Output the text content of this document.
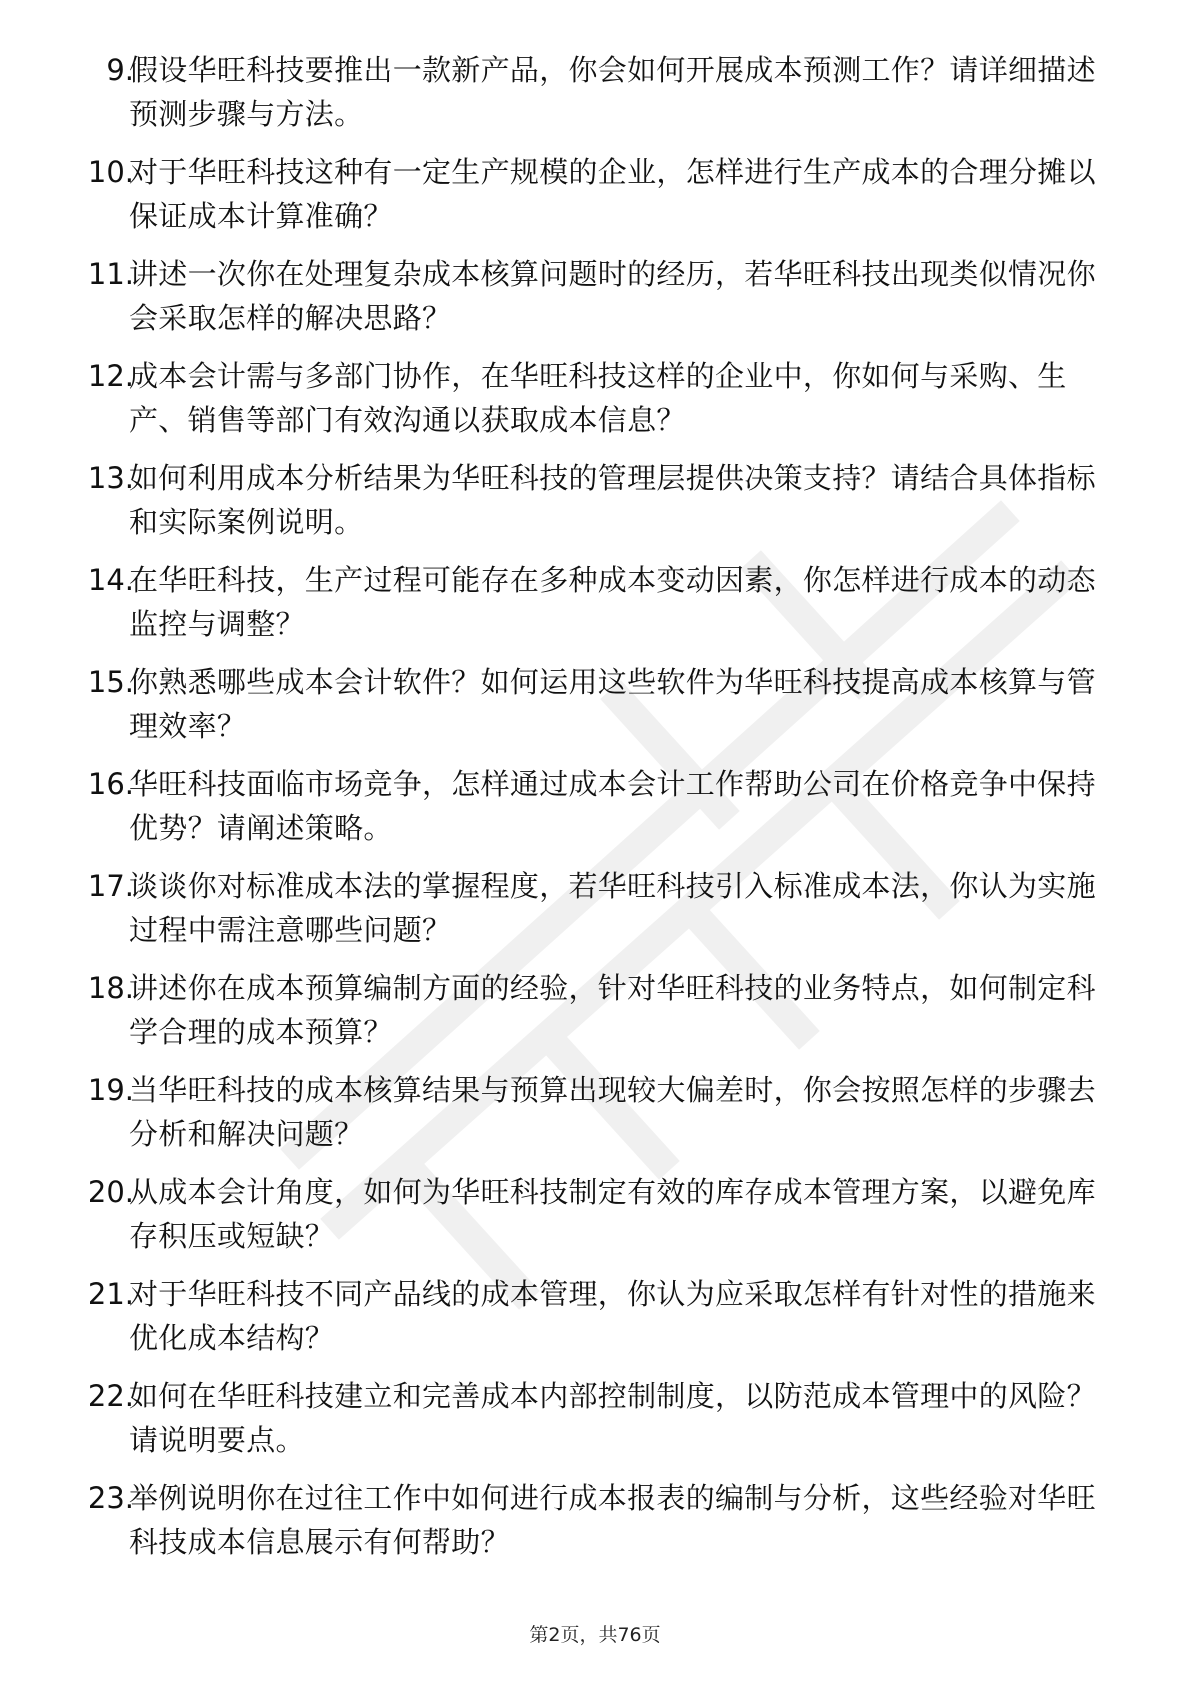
9.
假设华旺科技要推出一款新产品，你会如何开展成本预测工作？请详细描述预测步骤与方法。
10.
对于华旺科技这种有一定生产规模的企业，怎样进行生产成本的合理分摊以保证成本计算准确？
11.
讲述一次你在处理复杂成本核算问题时的经历，若华旺科技出现类似情况你会采取怎样的解决思路？
12.
成本会计需与多部门协作，在华旺科技这样的企业中，你如何与采购、生产、销售等部门有效沟通以获取成本信息？
13.
如何利用成本分析结果为华旺科技的管理层提供决策支持？请结合具体指标和实际案例说明。
14.
在华旺科技，生产过程可能存在多种成本变动因素，你怎样进行成本的动态监控与调整？
15.
你熟悉哪些成本会计软件？如何运用这些软件为华旺科技提高成本核算与管理效率？
16.
华旺科技面临市场竞争，怎样通过成本会计工作帮助公司在价格竞争中保持优势？请阐述策略。
17.
谈谈你对标准成本法的掌握程度，若华旺科技引入标准成本法，你认为实施过程中需注意哪些问题？
18.
讲述你在成本预算编制方面的经验，针对华旺科技的业务特点，如何制定科学合理的成本预算？
19.
当华旺科技的成本核算结果与预算出现较大偏差时，你会按照怎样的步骤去分析和解决问题？
20.
从成本会计角度，如何为华旺科技制定有效的库存成本管理方案，以避免库存积压或短缺？
21.
对于华旺科技不同产品线的成本管理，你认为应采取怎样有针对性的措施来优化成本结构？
22.
如何在华旺科技建立和完善成本内部控制制度，以防范成本管理中的风险？请说明要点。
23.
举例说明你在过往工作中如何进行成本报表的编制与分析，这些经验对华旺科技成本信息展示有何帮助？
第2页，共76页
